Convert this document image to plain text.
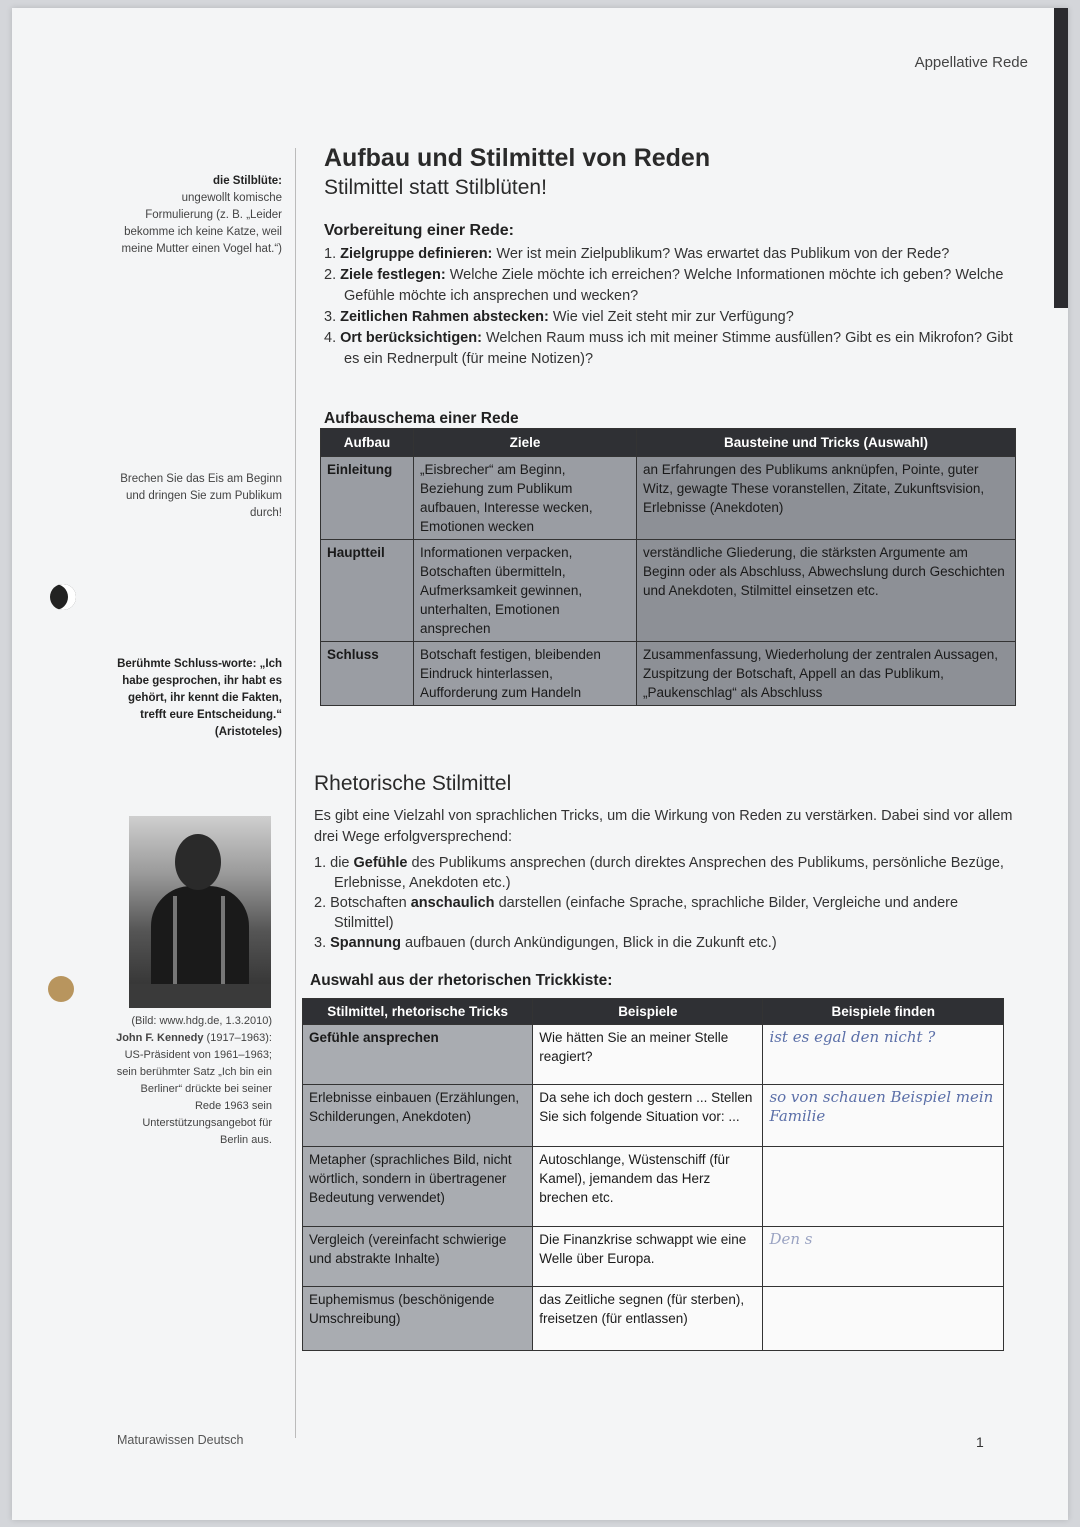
Appellative Rede
die Stilblüte:
ungewollt komische Formulierung (z. B. „Leider bekomme ich keine Katze, weil meine Mutter einen Vogel hat.“)
Brechen Sie das Eis am Beginn und dringen Sie zum Publikum durch!
Berühmte Schluss-worte: „Ich habe gesprochen, ihr habt es gehört, ihr kennt die Fakten, trefft eure Entscheidung.“
(Aristoteles)
(Bild: www.hdg.de, 1.3.2010)
John F. Kennedy (1917–1963): US-Präsident von 1961–1963; sein berühmter Satz „Ich bin ein Berliner“ drückte bei seiner Rede 1963 sein Unterstützungsangebot für Berlin aus.
Aufbau und Stilmittel von Reden
Stilmittel statt Stilblüten!
Vorbereitung einer Rede:
1. Zielgruppe definieren: Wer ist mein Zielpublikum? Was erwartet das Publikum von der Rede?
2. Ziele festlegen: Welche Ziele möchte ich erreichen? Welche Informationen möchte ich geben? Welche Gefühle möchte ich ansprechen und wecken?
3. Zeitlichen Rahmen abstecken: Wie viel Zeit steht mir zur Verfügung?
4. Ort berücksichtigen: Welchen Raum muss ich mit meiner Stimme ausfüllen? Gibt es ein Mikrofon? Gibt es ein Rednerpult (für meine Notizen)?
Aufbauschema einer Rede
Aufbau	Ziele	Bausteine und Tricks (Auswahl)
Einleitung	„Eisbrecher“ am Beginn, Beziehung zum Publikum aufbauen, Interesse wecken, Emotionen wecken	an Erfahrungen des Publikums anknüpfen, Pointe, guter Witz, gewagte These voranstellen, Zitate, Zukunftsvision, Erlebnisse (Anekdoten)
Hauptteil	Informationen verpacken, Botschaften übermitteln, Aufmerksamkeit gewinnen, unterhalten, Emotionen ansprechen	verständliche Gliederung, die stärksten Argumente am Beginn oder als Abschluss, Abwechslung durch Geschichten und Anekdoten, Stilmittel einsetzen etc.
Schluss	Botschaft festigen, bleibenden Eindruck hinterlassen, Aufforderung zum Handeln	Zusammenfassung, Wiederholung der zentralen Aussagen, Zuspitzung der Botschaft, Appell an das Publikum, „Paukenschlag“ als Abschluss
Rhetorische Stilmittel

Es gibt eine Vielzahl von sprachlichen Tricks, um die Wirkung von Reden zu verstärken. Dabei sind vor allem drei Wege erfolgversprechend:

1. die Gefühle des Publikums ansprechen (durch direktes Ansprechen des Publikums, persönliche Bezüge, Erlebnisse, Anekdoten etc.)
2. Botschaften anschaulich darstellen (einfache Sprache, sprachliche Bilder, Vergleiche und andere Stilmittel)
3. Spannung aufbauen (durch Ankündigungen, Blick in die Zukunft etc.)
Auswahl aus der rhetorischen Trickkiste:
Stilmittel, rhetorische Tricks	Beispiele	Beispiele finden
Gefühle ansprechen	Wie hätten Sie an meiner Stelle reagiert?	ist es egal den nicht ?
Erlebnisse einbauen (Erzählungen, Schilderungen, Anekdoten)	Da sehe ich doch gestern ... Stellen Sie sich folgende Situation vor: ...	so von schauen Beispiel mein Familie
Metapher (sprachliches Bild, nicht wörtlich, sondern in übertragener Bedeutung verwendet)	Autoschlange, Wüstenschiff (für Kamel), jemandem das Herz brechen etc.	
Vergleich (vereinfacht schwierige und abstrakte Inhalte)	Die Finanzkrise schwappt wie eine Welle über Europa.	Den s
Euphemismus (beschönigende Umschreibung)	das Zeitliche segnen (für sterben), freisetzen (für entlassen)	
Maturawissen Deutsch	1
